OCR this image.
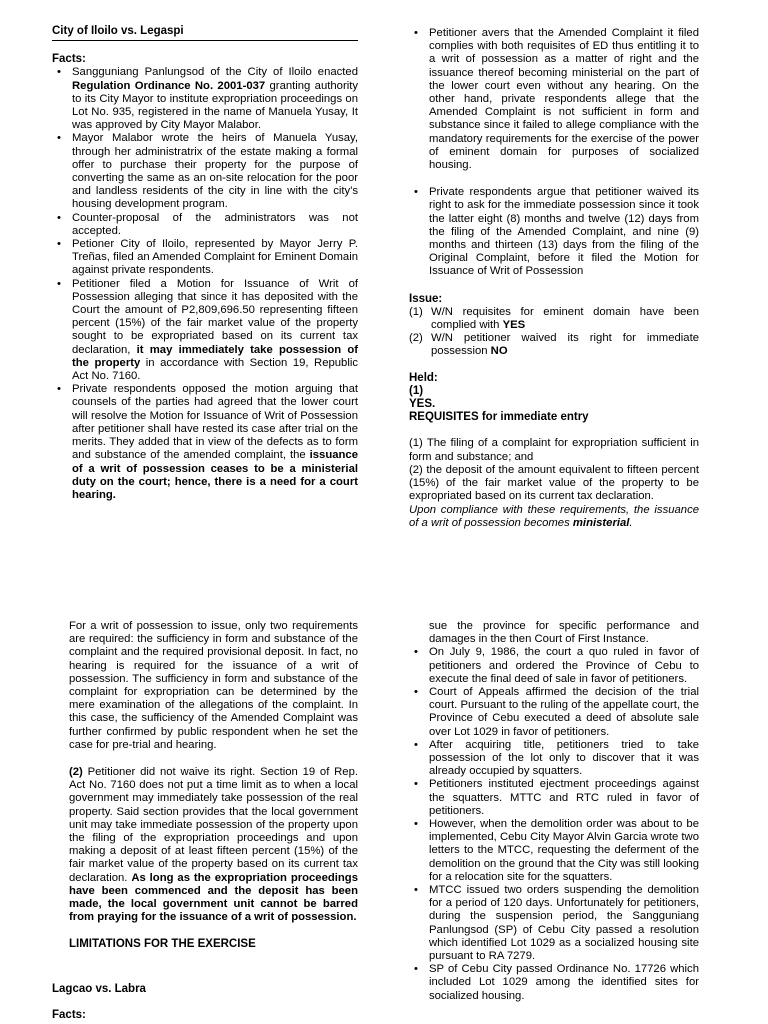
City of Iloilo vs. Legaspi
Facts:
• Sangguniang Panlungsod of the City of Iloilo enacted Regulation Ordinance No. 2001-037 granting authority to its City Mayor to institute expropriation proceedings on Lot No. 935, registered in the name of Manuela Yusay, It was approved by City Mayor Malabor.
• Mayor Malabor wrote the heirs of Manuela Yusay, through her administratrix of the estate making a formal offer to purchase their property for the purpose of converting the same as an on-site relocation for the poor and landless residents of the city in line with the city's housing development program.
• Counter-proposal of the administrators was not accepted.
• Petioner City of Iloilo, represented by Mayor Jerry P. Treñas, filed an Amended Complaint for Eminent Domain against private respondents.
• Petitioner filed a Motion for Issuance of Writ of Possession alleging that since it has deposited with the Court the amount of P2,809,696.50 representing fifteen percent (15%) of the fair market value of the property sought to be expropriated based on its current tax declaration, it may immediately take possession of the property in accordance with Section 19, Republic Act No. 7160.
• Private respondents opposed the motion arguing that counsels of the parties had agreed that the lower court will resolve the Motion for Issuance of Writ of Possession after petitioner shall have rested its case after trial on the merits. They added that in view of the defects as to form and substance of the amended complaint, the issuance of a writ of possession ceases to be a ministerial duty on the court; hence, there is a need for a court hearing.
• Petitioner avers that the Amended Complaint it filed complies with both requisites of ED thus entitling it to a writ of possession as a matter of right and the issuance thereof becoming ministerial on the part of the lower court even without any hearing. On the other hand, private respondents allege that the Amended Complaint is not sufficient in form and substance since it failed to allege compliance with the mandatory requirements for the exercise of the power of eminent domain for purposes of socialized housing.
• Private respondents argue that petitioner waived its right to ask for the immediate possession since it took the latter eight (8) months and twelve (12) days from the filing of the Amended Complaint, and nine (9) months and thirteen (13) days from the filing of the Original Complaint, before it filed the Motion for Issuance of Writ of Possession
Issue:
(1) W/N requisites for eminent domain have been complied with YES
(2) W/N petitioner waived its right for immediate possession NO
Held:
(1)
YES.
REQUISITES for immediate entry

(1) The filing of a complaint for expropriation sufficient in form and substance; and

(2) the deposit of the amount equivalent to fifteen percent (15%) of the fair market value of the property to be expropriated based on its current tax declaration.

Upon compliance with these requirements, the issuance of a writ of possession becomes ministerial.

For a writ of possession to issue, only two requirements are required: the sufficiency in form and substance of the complaint and the required provisional deposit. In fact, no hearing is required for the issuance of a writ of possession. The sufficiency in form and substance of the complaint for expropriation can be determined by the mere examination of the allegations of the complaint. In this case, the sufficiency of the Amended Complaint was further confirmed by public respondent when he set the case for pre-trial and hearing.

(2) Petitioner did not waive its right. Section 19 of Rep. Act No. 7160 does not put a time limit as to when a local government may immediately take possession of the real property. Said section provides that the local government unit may take immediate possession of the property upon the filing of the expropriation proceedings and upon making a deposit of at least fifteen percent (15%) of the fair market value of the property based on its current tax declaration. As long as the expropriation proceedings have been commenced and the deposit has been made, the local government unit cannot be barred from praying for the issuance of a writ of possession.

LIMITATIONS FOR THE EXERCISE
Lagcao vs. Labra
Facts:

sue the province for specific performance and damages in the then Court of First Instance.

• On July 9, 1986, the court a quo ruled in favor of petitioners and ordered the Province of Cebu to execute the final deed of sale in favor of petitioners.
• Court of Appeals affirmed the decision of the trial court. Pursuant to the ruling of the appellate court, the Province of Cebu executed a deed of absolute sale over Lot 1029 in favor of petitioners.
• After acquiring title, petitioners tried to take possession of the lot only to discover that it was already occupied by squatters.
• Petitioners instituted ejectment proceedings against the squatters. MTTC and RTC ruled in favor of petitioners.
• However, when the demolition order was about to be implemented, Cebu City Mayor Alvin Garcia wrote two letters to the MTCC, requesting the deferment of the demolition on the ground that the City was still looking for a relocation site for the squatters.
• MTCC issued two orders suspending the demolition for a period of 120 days. Unfortunately for petitioners, during the suspension period, the Sangguniang Panlungsod (SP) of Cebu City passed a resolution which identified Lot 1029 as a socialized housing site pursuant to RA 7279.
• SP of Cebu City passed Ordinance No. 17726 which included Lot 1029 among the identified sites for socialized housing.
